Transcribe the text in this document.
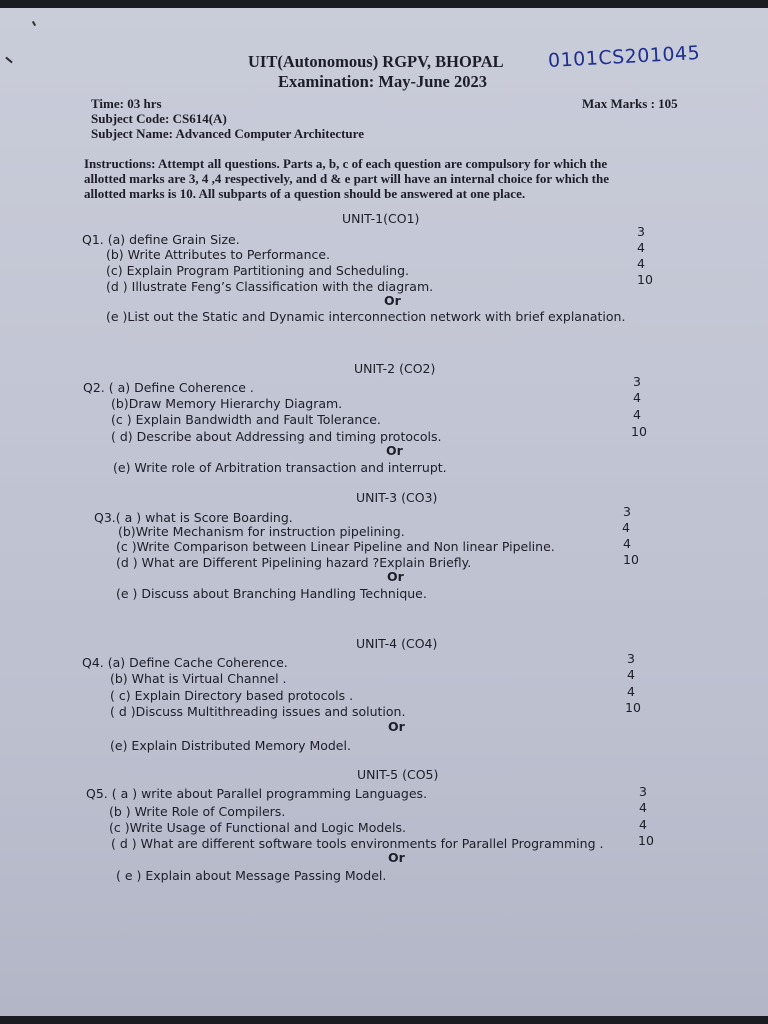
UIT(Autonomous) RGPV, BHOPAL 0101CS201045
Examination: May-June 2023
Time: 03 hrs	Max Marks : 105
Subject Code: CS614(A)
Subject Name: Advanced Computer Architecture
Instructions: Attempt all questions. Parts a, b, c of each question are compulsory for which the
allotted marks are 3, 4 ,4 respectively, and d & e part will have an internal choice for which the
allotted marks is 10. All subparts of a question should be answered at one place.
UNIT-1(CO1)
Q1. (a) define Grain Size.
(b) Write Attributes to Performance.
(c) Explain Program Partitioning and Scheduling.
(d ) Illustrate Feng’s Classification with the diagram.
Or
(e )List out the Static and Dynamic interconnection network with brief explanation.
3
4
4
10
UNIT-2 (CO2)
Q2. ( a) Define Coherence .
(b)Draw Memory Hierarchy Diagram.
(c ) Explain Bandwidth and Fault Tolerance.
( d) Describe about Addressing and timing protocols.
Or
(e) Write role of Arbitration transaction and interrupt.
3
4
4
10
UNIT-3 (CO3)
Q3.( a ) what is Score Boarding.
(b)Write Mechanism for instruction pipelining.
(c )Write Comparison between Linear Pipeline and Non linear Pipeline.
(d ) What are Different Pipelining hazard ?Explain Briefly.
Or
(e ) Discuss about Branching Handling Technique.
3
4
4
10
UNIT-4 (CO4)
Q4. (a) Define Cache Coherence.
(b) What is Virtual Channel .
( c) Explain Directory based protocols .
( d )Discuss Multithreading issues and solution.
Or
(e) Explain Distributed Memory Model.
3
4
4
10
UNIT-5 (CO5)
Q5. ( a ) write about Parallel programming Languages.
(b ) Write Role of Compilers.
(c )Write Usage of Functional and Logic Models.
( d ) What are different software tools environments for Parallel Programming .
Or
( e ) Explain about Message Passing Model.
3
4
4
10
